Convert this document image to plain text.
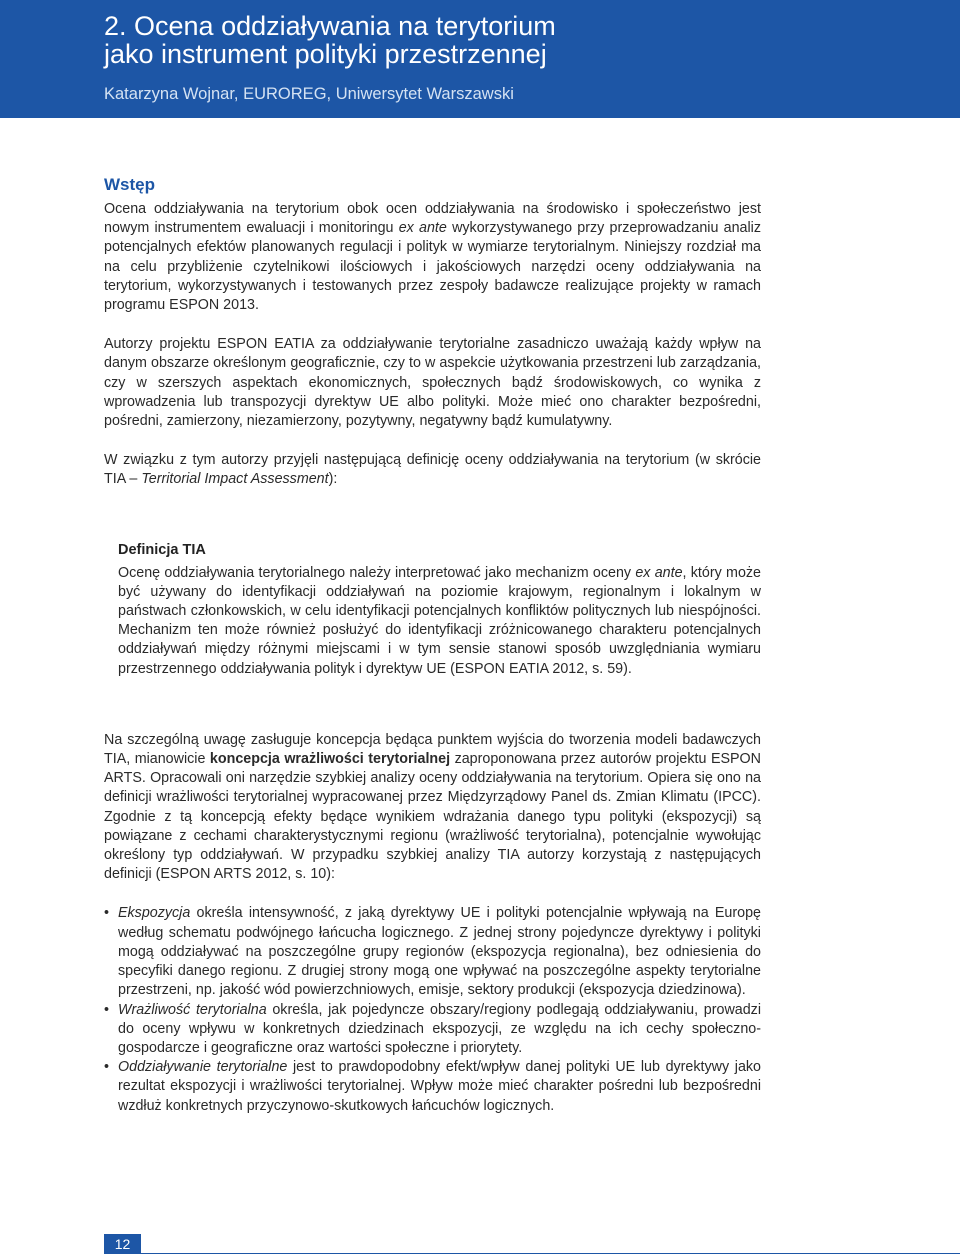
2. Ocena oddziaływania na terytorium
jako instrument polityki przestrzennej
Katarzyna Wojnar, EUROREG, Uniwersytet Warszawski
Wstęp

Ocena oddziaływania na terytorium obok ocen oddziaływania na środowisko i społeczeństwo jest nowym instrumentem ewaluacji i monitoringu ex ante wykorzystywanego przy przeprowadzaniu analiz potencjalnych efektów planowanych regulacji i polityk w wymiarze terytorialnym. Niniejszy rozdział ma na celu przybliżenie czytelnikowi ilościowych i jakościowych narzędzi oceny oddziaływania na terytorium, wykorzystywanych i testowanych przez zespoły badawcze realizujące projekty w ramach programu ESPON 2013.

Autorzy projektu ESPON EATIA za oddziaływanie terytorialne zasadniczo uważają każdy wpływ na danym obszarze określonym geograficznie, czy to w aspekcie użytkowania przestrzeni lub zarządzania, czy w szerszych aspektach ekonomicznych, społecznych bądź środowiskowych, co wynika z wprowadzenia lub transpozycji dyrektyw UE albo polityki. Może mieć ono charakter bezpośredni, pośredni, zamierzony, niezamierzony, pozytywny, negatywny bądź kumulatywny.

W związku z tym autorzy przyjęli następującą definicję oceny oddziaływania na terytorium (w skrócie TIA – Territorial Impact Assessment):

Definicja TIA

Ocenę oddziaływania terytorialnego należy interpretować jako mechanizm oceny ex ante, który może być używany do identyfikacji oddziaływań na poziomie krajowym, regionalnym i lokalnym w państwach członkowskich, w celu identyfikacji potencjalnych konfliktów politycznych lub niespójności. Mechanizm ten może również posłużyć do identyfikacji zróżnicowanego charakteru potencjalnych oddziaływań między różnymi miejscami i w tym sensie stanowi sposób uwzględniania wymiaru przestrzennego oddziaływania polityk i dyrektyw UE (ESPON EATIA 2012, s. 59).

Na szczególną uwagę zasługuje koncepcja będąca punktem wyjścia do tworzenia modeli badawczych TIA, mianowicie koncepcja wrażliwości terytorialnej zaproponowana przez autorów projektu ESPON ARTS. Opracowali oni narzędzie szybkiej analizy oceny oddziaływania na terytorium. Opiera się ono na definicji wrażliwości terytorialnej wypracowanej przez Międzyrządowy Panel ds. Zmian Klimatu (IPCC). Zgodnie z tą koncepcją efekty będące wynikiem wdrażania danego typu polityki (ekspozycji) są powiązane z cechami charakterystycznymi regionu (wrażliwość terytorialna), potencjalnie wywołując określony typ oddziaływań. W przypadku szybkiej analizy TIA autorzy korzystają z następujących definicji (ESPON ARTS 2012, s. 10):

• Ekspozycja określa intensywność, z jaką dyrektywy UE i polityki potencjalnie wpływają na Europę według schematu podwójnego łańcucha logicznego. Z jednej strony pojedyncze dyrektywy i polityki mogą oddziaływać na poszczególne grupy regionów (ekspozycja regionalna), bez odniesienia do specyfiki danego regionu. Z drugiej strony mogą one wpływać na poszczególne aspekty terytorialne przestrzeni, np. jakość wód powierzchniowych, emisje, sektory produkcji (ekspozycja dziedzinowa).
• Wrażliwość terytorialna określa, jak pojedyncze obszary/regiony podlegają oddziaływaniu, prowadzi do oceny wpływu w konkretnych dziedzinach ekspozycji, ze względu na ich cechy społeczno-gospodarcze i geograficzne oraz wartości społeczne i priorytety.
• Oddziaływanie terytorialne jest to prawdopodobny efekt/wpływ danej polityki UE lub dyrektywy jako rezultat ekspozycji i wrażliwości terytorialnej. Wpływ może mieć charakter pośredni lub bezpośredni wzdłuż konkretnych przyczynowo-skutkowych łańcuchów logicznych.
12
